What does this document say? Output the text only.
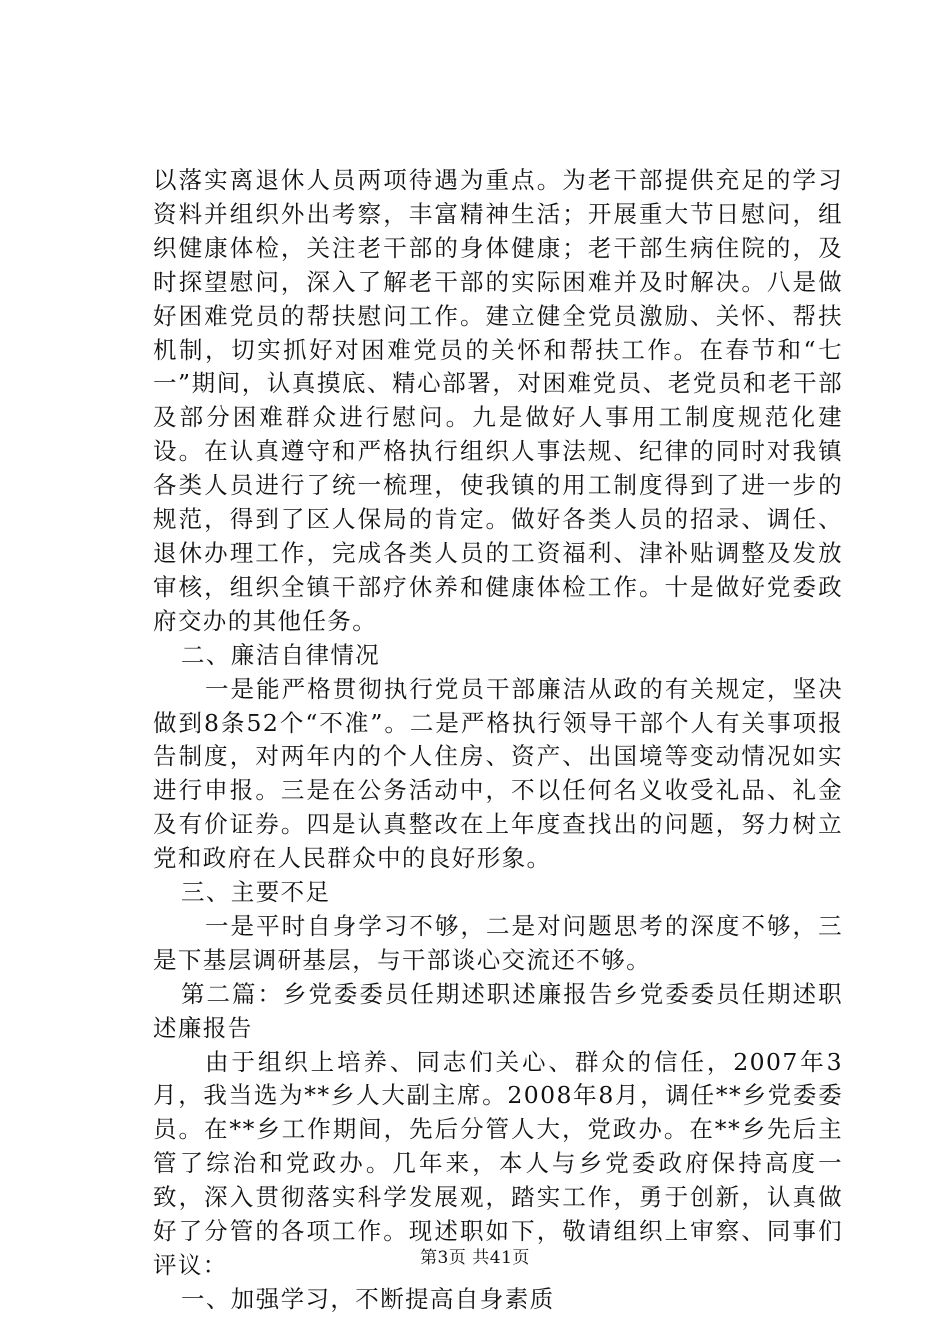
以落实离退休人员两项待遇为重点。为老干部提供充足的学习资料并组织外出考察，丰富精神生活；开展重大节日慰问，组织健康体检，关注老干部的身体健康；老干部生病住院的，及时探望慰问，深入了解老干部的实际困难并及时解决。八是做好困难党员的帮扶慰问工作。建立健全党员激励、关怀、帮扶机制，切实抓好对困难党员的关怀和帮扶工作。在春节和“七一”期间，认真摸底、精心部署，对困难党员、老党员和老干部及部分困难群众进行慰问。九是做好人事用工制度规范化建设。在认真遵守和严格执行组织人事法规、纪律的同时对我镇各类人员进行了统一梳理，使我镇的用工制度得到了进一步的规范，得到了区人保局的肯定。做好各类人员的招录、调任、退休办理工作，完成各类人员的工资福利、津补贴调整及发放审核，组织全镇干部疗休养和健康体检工作。十是做好党委政府交办的其他任务。

二、廉洁自律情况

一是能严格贯彻执行党员干部廉洁从政的有关规定，坚决做到8条52个“不准”。二是严格执行领导干部个人有关事项报告制度，对两年内的个人住房、资产、出国境等变动情况如实进行申报。三是在公务活动中，不以任何名义收受礼品、礼金及有价证券。四是认真整改在上年度查找出的问题，努力树立党和政府在人民群众中的良好形象。

三、主要不足

一是平时自身学习不够，二是对问题思考的深度不够，三是下基层调研基层，与干部谈心交流还不够。

第二篇：乡党委委员任期述职述廉报告乡党委委员任期述职述廉报告

由于组织上培养、同志们关心、群众的信任，2007年3月，我当选为**乡人大副主席。2008年8月，调任**乡党委委员。在**乡工作期间，先后分管人大，党政办。在**乡先后主管了综治和党政办。几年来，本人与乡党委政府保持高度一致，深入贯彻落实科学发展观，踏实工作，勇于创新，认真做好了分管的各项工作。现述职如下，敬请组织上审察、同事们评议：

一、加强学习，不断提高自身素质

第3页 共41页
